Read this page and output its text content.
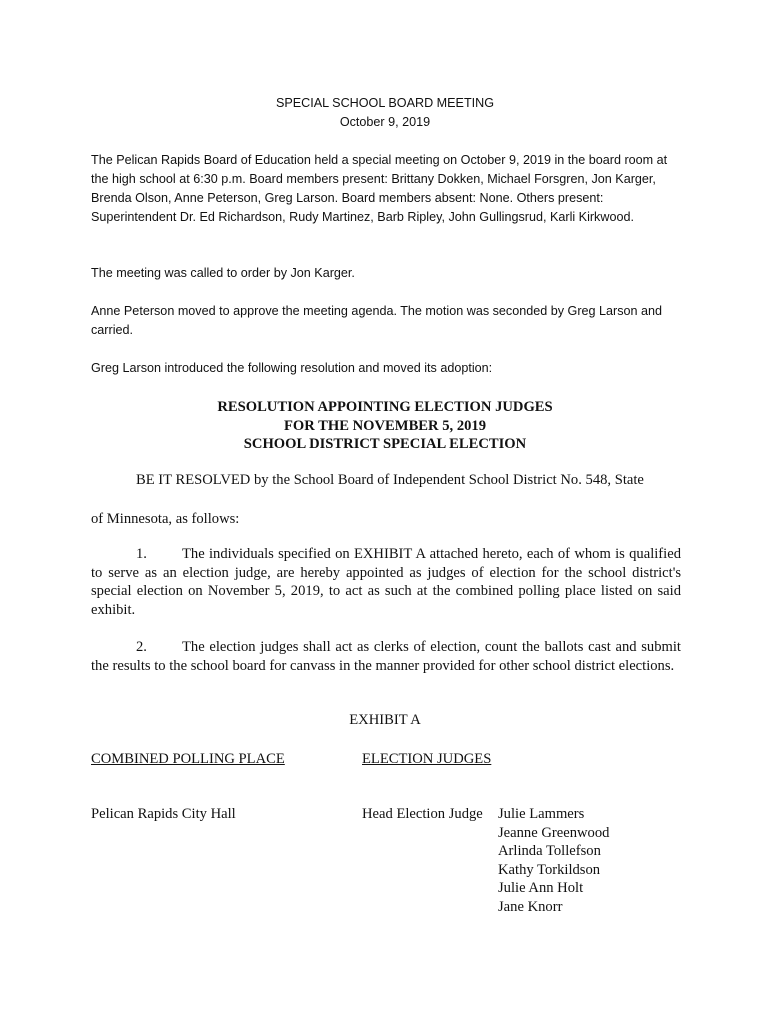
SPECIAL SCHOOL BOARD MEETING
October 9, 2019
The Pelican Rapids Board of Education held a special meeting on October 9, 2019 in the board room at the high school at 6:30 p.m. Board members present: Brittany Dokken, Michael Forsgren, Jon Karger, Brenda Olson, Anne Peterson, Greg Larson. Board members absent: None. Others present: Superintendent Dr. Ed Richardson, Rudy Martinez, Barb Ripley, John Gullingsrud, Karli Kirkwood.
The meeting was called to order by Jon Karger.
Anne Peterson moved to approve the meeting agenda. The motion was seconded by Greg Larson and carried.
Greg Larson introduced the following resolution and moved its adoption:
RESOLUTION APPOINTING ELECTION JUDGES
FOR THE NOVEMBER 5, 2019
SCHOOL DISTRICT SPECIAL ELECTION
BE IT RESOLVED by the School Board of Independent School District No. 548, State
of Minnesota, as follows:
1. The individuals specified on EXHIBIT A attached hereto, each of whom is qualified to serve as an election judge, are hereby appointed as judges of election for the school district's special election on November 5, 2019, to act as such at the combined polling place listed on said exhibit.
2. The election judges shall act as clerks of election, count the ballots cast and submit the results to the school board for canvass in the manner provided for other school district elections.
EXHIBIT A
COMBINED POLLING PLACE	ELECTION JUDGES
Pelican Rapids City Hall	Head Election Judge Julie Lammers
Jeanne Greenwood
Arlinda Tollefson
Kathy Torkildson
Julie Ann Holt
Jane Knorr
